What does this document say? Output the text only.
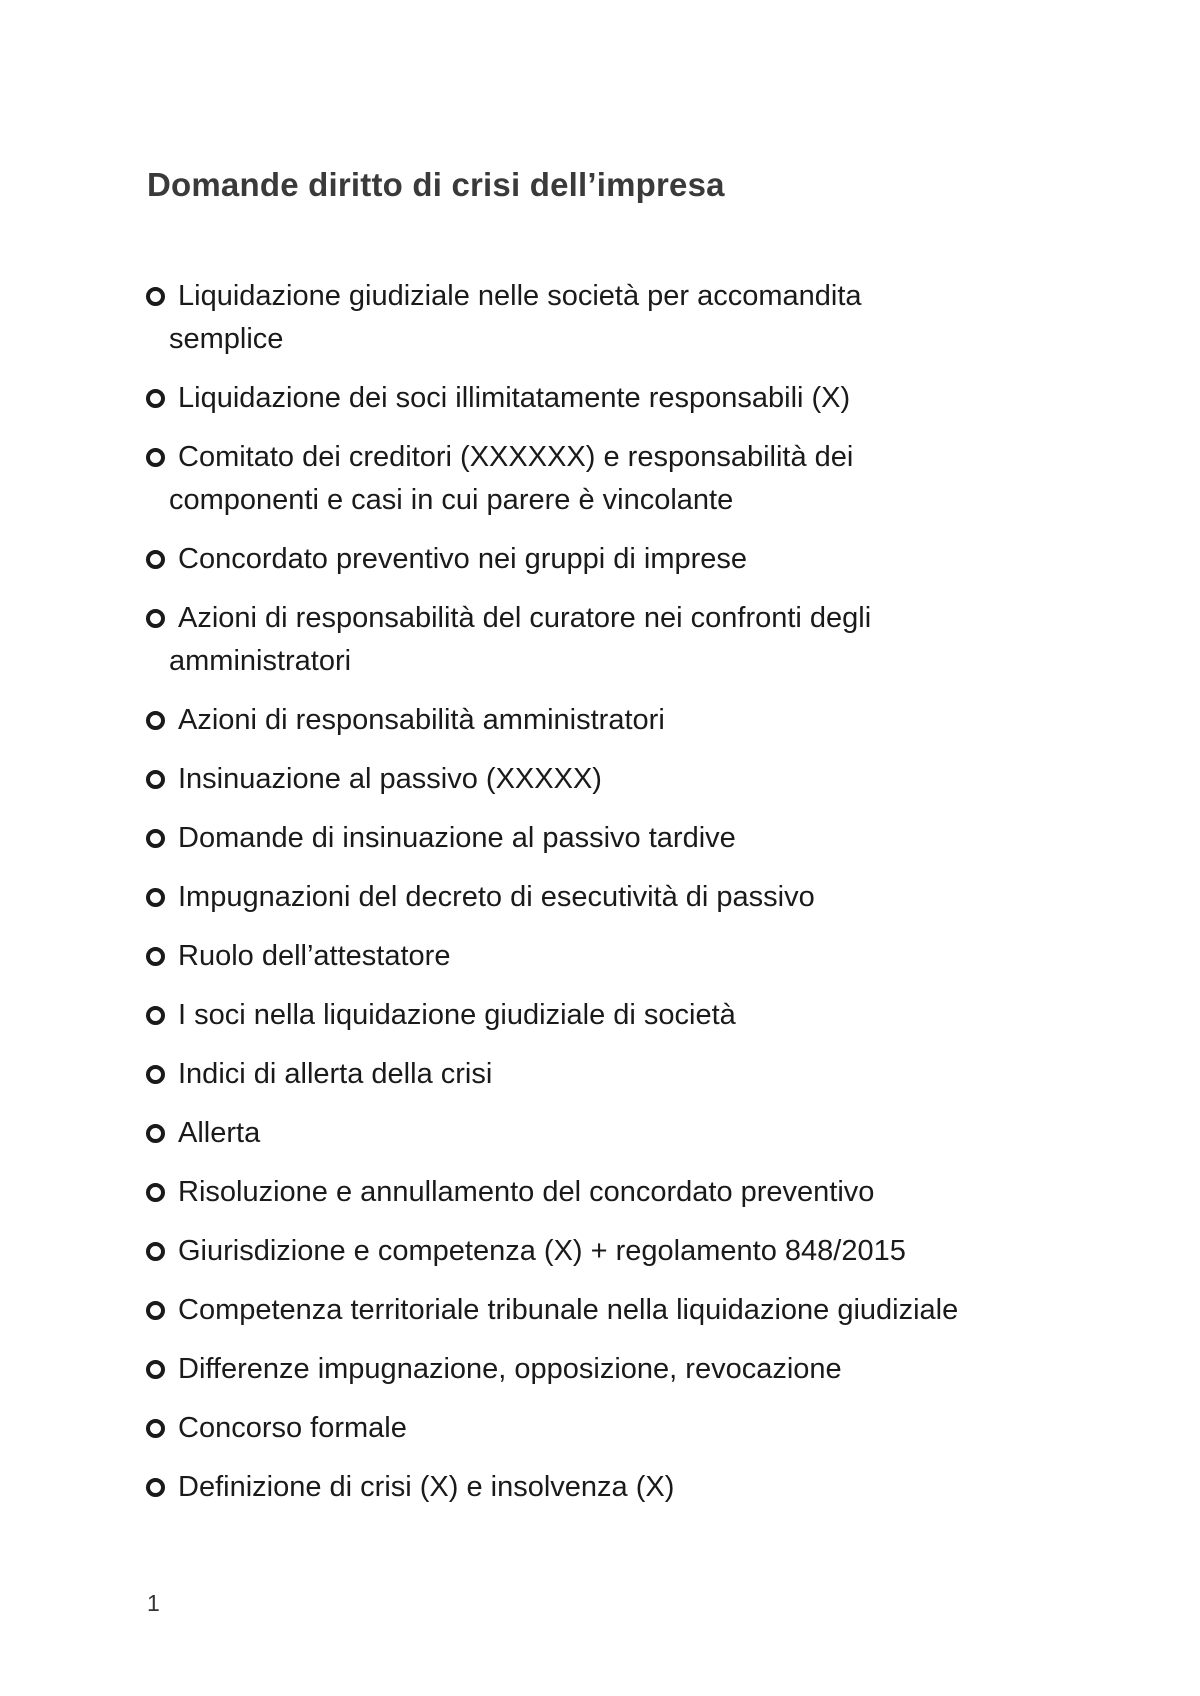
Domande diritto di crisi dell’impresa
Liquidazione giudiziale nelle società per accomandita
semplice
Liquidazione dei soci illimitatamente responsabili (X)
Comitato dei creditori (XXXXXX) e responsabilità dei
componenti e casi in cui parere è vincolante
Concordato preventivo nei gruppi di imprese
Azioni di responsabilità del curatore nei confronti degli
amministratori
Azioni di responsabilità amministratori
Insinuazione al passivo (XXXXX)
Domande di insinuazione al passivo tardive
Impugnazioni del decreto di esecutività di passivo
Ruolo dell’attestatore
I soci nella liquidazione giudiziale di società
Indici di allerta della crisi
Allerta
Risoluzione e annullamento del concordato preventivo
Giurisdizione e competenza (X) + regolamento 848/2015
Competenza territoriale tribunale nella liquidazione giudiziale
Differenze impugnazione, opposizione, revocazione
Concorso formale
Definizione di crisi (X) e insolvenza (X)
1
